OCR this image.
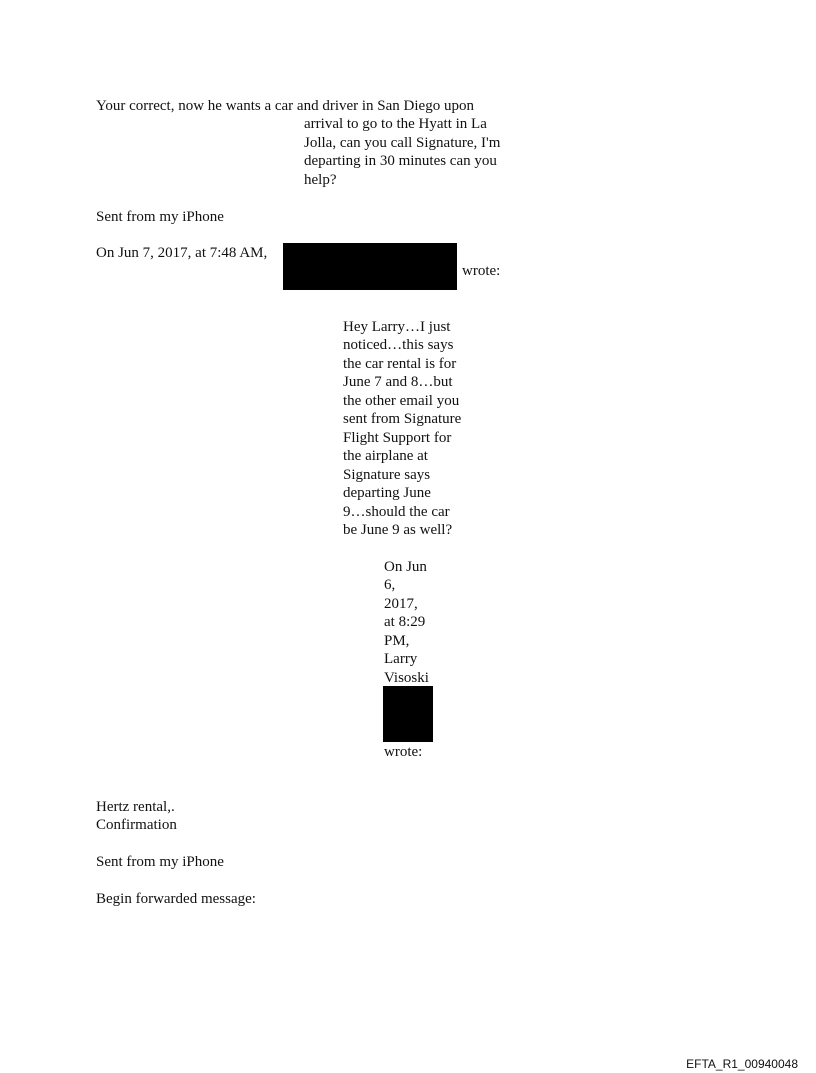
Your correct, now he wants a car and driver in San Diego upon
arrival to go to the Hyatt in La
Jolla, can you call Signature, I'm
departing in 30 minutes can you
help?
Sent from my iPhone
On Jun 7, 2017, at 7:48 AM,
wrote:
Hey Larry…I just
noticed…this says
the car rental is for
June 7 and 8…but
the other email you
sent from Signature
Flight Support for
the airplane at
Signature says
departing June
9…should the car
be June 9 as well?
On Jun
6,
2017,
at 8:29
PM,
Larry
Visoski
wrote:
Hertz rental,.
Confirmation
Sent from my iPhone
Begin forwarded message:
EFTA_R1_00940048
